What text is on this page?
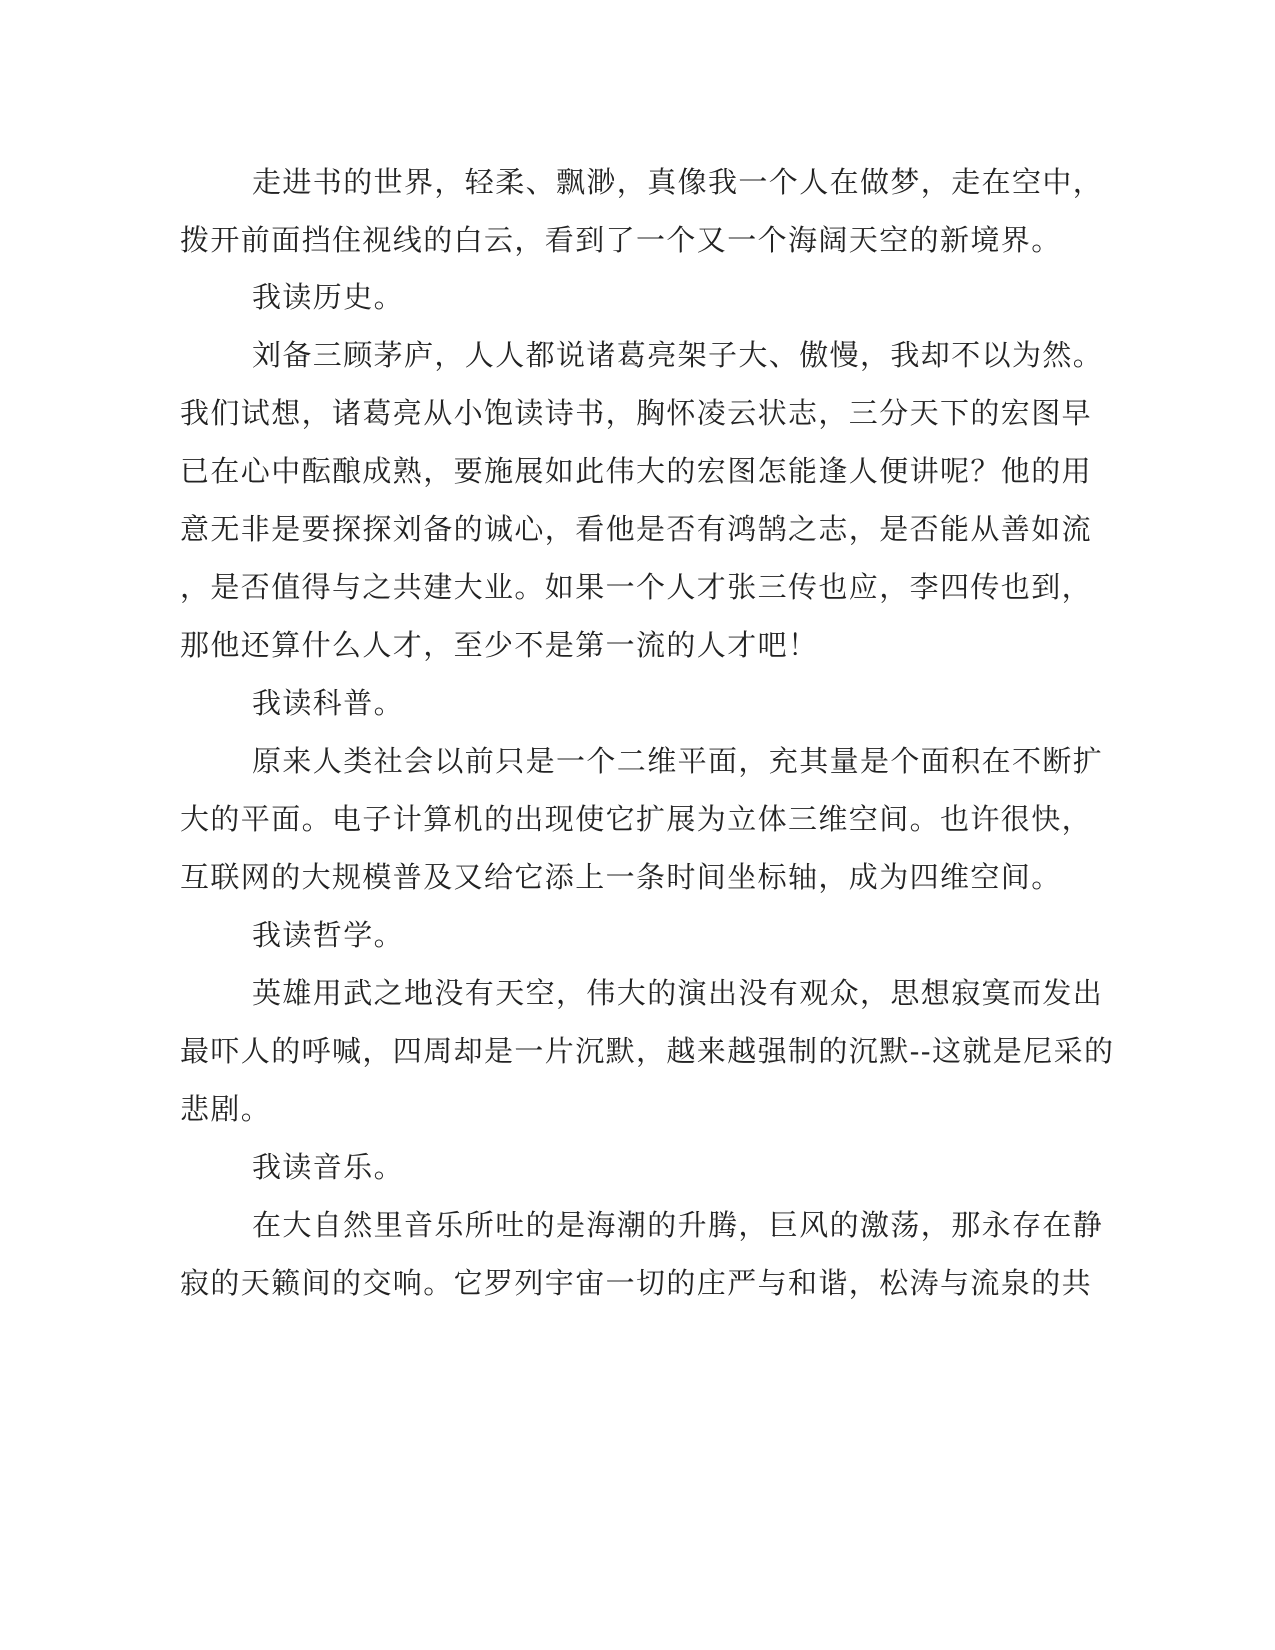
走进书的世界，轻柔、飘渺，真像我一个人在做梦，走在空中，

拨开前面挡住视线的白云，看到了一个又一个海阔天空的新境界。

我读历史。

刘备三顾茅庐，人人都说诸葛亮架子大、傲慢，我却不以为然。

我们试想，诸葛亮从小饱读诗书，胸怀凌云状志，三分天下的宏图早

已在心中酝酿成熟，要施展如此伟大的宏图怎能逢人便讲呢？他的用

意无非是要探探刘备的诚心，看他是否有鸿鹄之志，是否能从善如流

，是否值得与之共建大业。如果一个人才张三传也应，李四传也到，

那他还算什么人才，至少不是第一流的人才吧！

我读科普。

原来人类社会以前只是一个二维平面，充其量是个面积在不断扩

大的平面。电子计算机的出现使它扩展为立体三维空间。也许很快，

互联网的大规模普及又给它添上一条时间坐标轴，成为四维空间。

我读哲学。

英雄用武之地没有天空，伟大的演出没有观众，思想寂寞而发出

最吓人的呼喊，四周却是一片沉默，越来越强制的沉默--这就是尼采的

悲剧。

我读音乐。

在大自然里音乐所吐的是海潮的升腾，巨风的激荡，那永存在静

寂的天籁间的交响。它罗列宇宙一切的庄严与和谐，松涛与流泉的共
